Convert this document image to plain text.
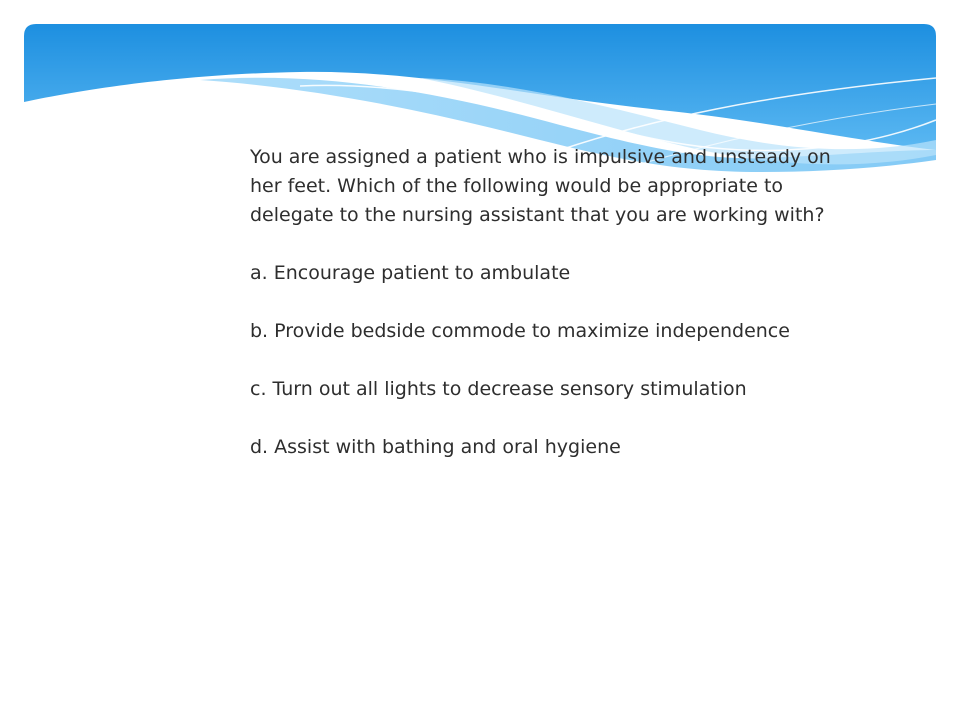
You are assigned a patient who is impulsive and unsteady on

her feet. Which of the following would be appropriate to

delegate to the nursing assistant that you are working with?

a. Encourage patient to ambulate

b. Provide bedside commode to maximize independence

c. Turn out all lights to decrease sensory stimulation

d. Assist with bathing and oral hygiene
